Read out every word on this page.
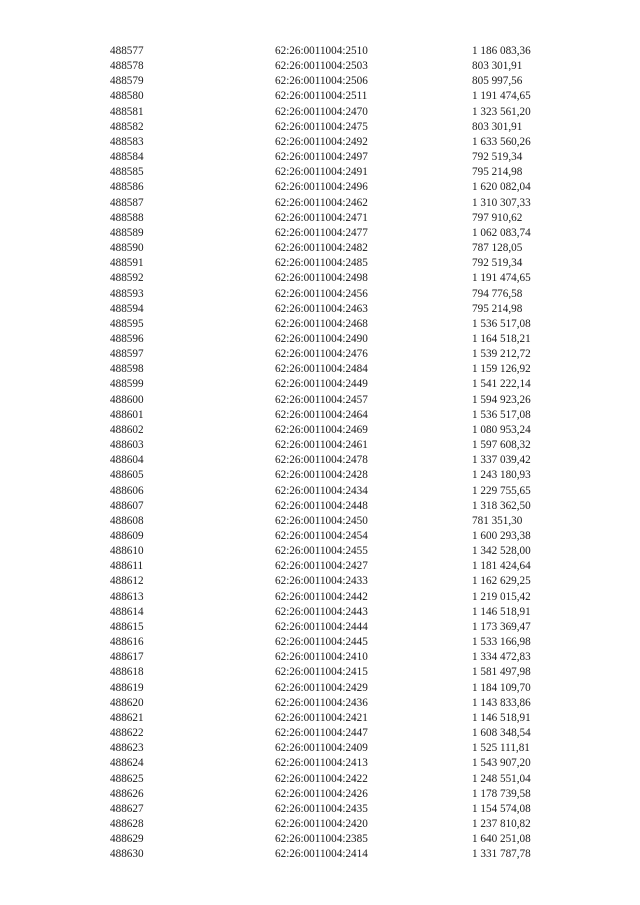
488577	62:26:0011004:2510	1 186 083,36
488578	62:26:0011004:2503	803 301,91
488579	62:26:0011004:2506	805 997,56
488580	62:26:0011004:2511	1 191 474,65
488581	62:26:0011004:2470	1 323 561,20
488582	62:26:0011004:2475	803 301,91
488583	62:26:0011004:2492	1 633 560,26
488584	62:26:0011004:2497	792 519,34
488585	62:26:0011004:2491	795 214,98
488586	62:26:0011004:2496	1 620 082,04
488587	62:26:0011004:2462	1 310 307,33
488588	62:26:0011004:2471	797 910,62
488589	62:26:0011004:2477	1 062 083,74
488590	62:26:0011004:2482	787 128,05
488591	62:26:0011004:2485	792 519,34
488592	62:26:0011004:2498	1 191 474,65
488593	62:26:0011004:2456	794 776,58
488594	62:26:0011004:2463	795 214,98
488595	62:26:0011004:2468	1 536 517,08
488596	62:26:0011004:2490	1 164 518,21
488597	62:26:0011004:2476	1 539 212,72
488598	62:26:0011004:2484	1 159 126,92
488599	62:26:0011004:2449	1 541 222,14
488600	62:26:0011004:2457	1 594 923,26
488601	62:26:0011004:2464	1 536 517,08
488602	62:26:0011004:2469	1 080 953,24
488603	62:26:0011004:2461	1 597 608,32
488604	62:26:0011004:2478	1 337 039,42
488605	62:26:0011004:2428	1 243 180,93
488606	62:26:0011004:2434	1 229 755,65
488607	62:26:0011004:2448	1 318 362,50
488608	62:26:0011004:2450	781 351,30
488609	62:26:0011004:2454	1 600 293,38
488610	62:26:0011004:2455	1 342 528,00
488611	62:26:0011004:2427	1 181 424,64
488612	62:26:0011004:2433	1 162 629,25
488613	62:26:0011004:2442	1 219 015,42
488614	62:26:0011004:2443	1 146 518,91
488615	62:26:0011004:2444	1 173 369,47
488616	62:26:0011004:2445	1 533 166,98
488617	62:26:0011004:2410	1 334 472,83
488618	62:26:0011004:2415	1 581 497,98
488619	62:26:0011004:2429	1 184 109,70
488620	62:26:0011004:2436	1 143 833,86
488621	62:26:0011004:2421	1 146 518,91
488622	62:26:0011004:2447	1 608 348,54
488623	62:26:0011004:2409	1 525 111,81
488624	62:26:0011004:2413	1 543 907,20
488625	62:26:0011004:2422	1 248 551,04
488626	62:26:0011004:2426	1 178 739,58
488627	62:26:0011004:2435	1 154 574,08
488628	62:26:0011004:2420	1 237 810,82
488629	62:26:0011004:2385	1 640 251,08
488630	62:26:0011004:2414	1 331 787,78
